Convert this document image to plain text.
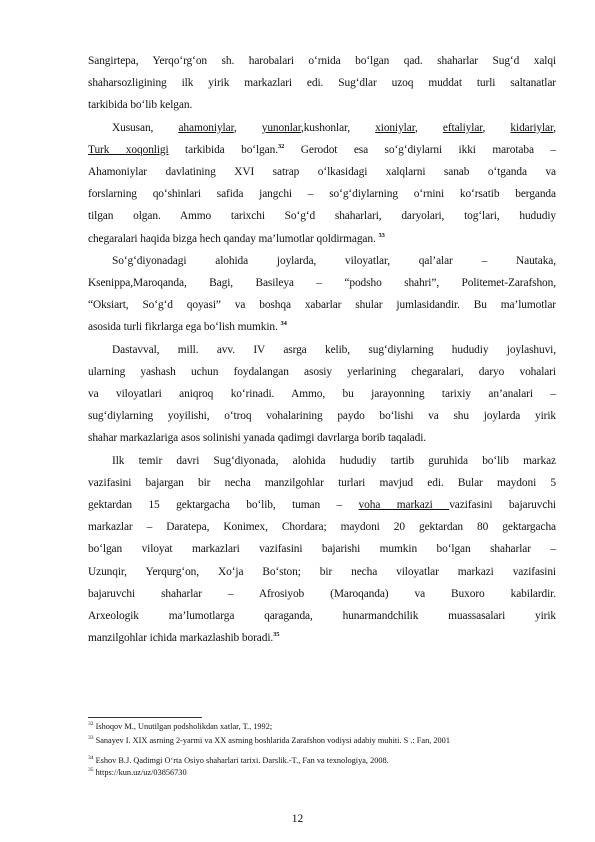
Sangirtepa, Yerqo‘rg‘on sh. harobalari o‘rnida bo‘lgan qad. shaharlar Sug‘d xalqi

shaharsozligining ilk yirik markazlari edi. Sug‘dlar uzoq muddat turli saltanatlar

tarkibida bo‘lib kelgan.

Xususan, ahamoniylar, yunonlar,kushonlar, xioniylar, eftaliylar, kidariylar,

Turk xoqonligi tarkibida bo‘lgan.$^{32}$ Gerodot esa so‘g‘diylarni ikki marotaba –

Ahamoniylar davlatining XVI satrap o‘lkasidagi xalqlarni sanab o‘tganda va

forslarning qo‘shinlari safida jangchi – so‘g‘diylarning o‘rnini ko‘rsatib berganda

tilgan olgan. Ammo tarixchi So‘g‘d shaharlari, daryolari, tog‘lari, hududiy

chegaralari haqida bizga hech qanday ma’lumotlar qoldirmagan. $^{33}$

So‘g‘diyonadagi alohida joylarda, viloyatlar, qal’alar – Nautaka,

Ksenippa,Maroqanda, Bagi, Basileya – “podsho shahri”, Politemet-Zarafshon,

“Oksiart, So‘g‘d qoyasi” va boshqa xabarlar shular jumlasidandir. Bu ma’lumotlar

asosida turli fikrlarga ega bo‘lish mumkin. $^{34}$

Dastavval, mill. avv. IV asrga kelib, sug‘diylarning hududiy joylashuvi,

ularning yashash uchun foydalangan asosiy yerlarining chegaralari, daryo vohalari

va viloyatlari aniqroq ko‘rinadi. Ammo, bu jarayonning tarixiy an’analari –

sug‘diylarning yoyilishi, o‘troq vohalarining paydo bo‘lishi va shu joylarda yirik

shahar markazlariga asos solinishi yanada qadimgi davrlarga borib taqaladi.

Ilk temir davri Sug‘diyonada, alohida hududiy tartib guruhida bo‘lib markaz

vazifasini bajargan bir necha manzilgohlar turlari mavjud edi. Bular maydoni 5

gektardan 15 gektargacha bo‘lib, tuman – voha markazi vazifasini bajaruvchi

markazlar – Daratepa, Konimex, Chordara; maydoni 20 gektardan 80 gektargacha

bo‘lgan viloyat markazlari vazifasini bajarishi mumkin bo‘lgan shaharlar –

Uzunqir, Yerqurg‘on, Xo‘ja Bo‘ston; bir necha viloyatlar markazi vazifasini

bajaruvchi shaharlar – Afrosiyob (Maroqanda) va Buxoro kabilardir.

Arxeologik ma’lumotlarga qaraganda, hunarmandchilik muassasalari yirik

manzilgohlar ichida markazlashib boradi.$^{35}$

$^{32}$ Ishoqov M., Unutilgan podsholikdan xatlar, T., 1992;
$^{33}$ Sanayev I. XIX asrning 2-yarmi va XX asrning boshlarida Zarafshon vodiysi adabiy muhiti. S .: Fan, 2001
$^{34}$ Eshov B.J. Qadimgi O‘rta Osiyo shaharlari tarixi. Darslik.-T., Fan va texnologiya, 2008.
$^{35}$ https://kun.uz/uz/03856730
12
